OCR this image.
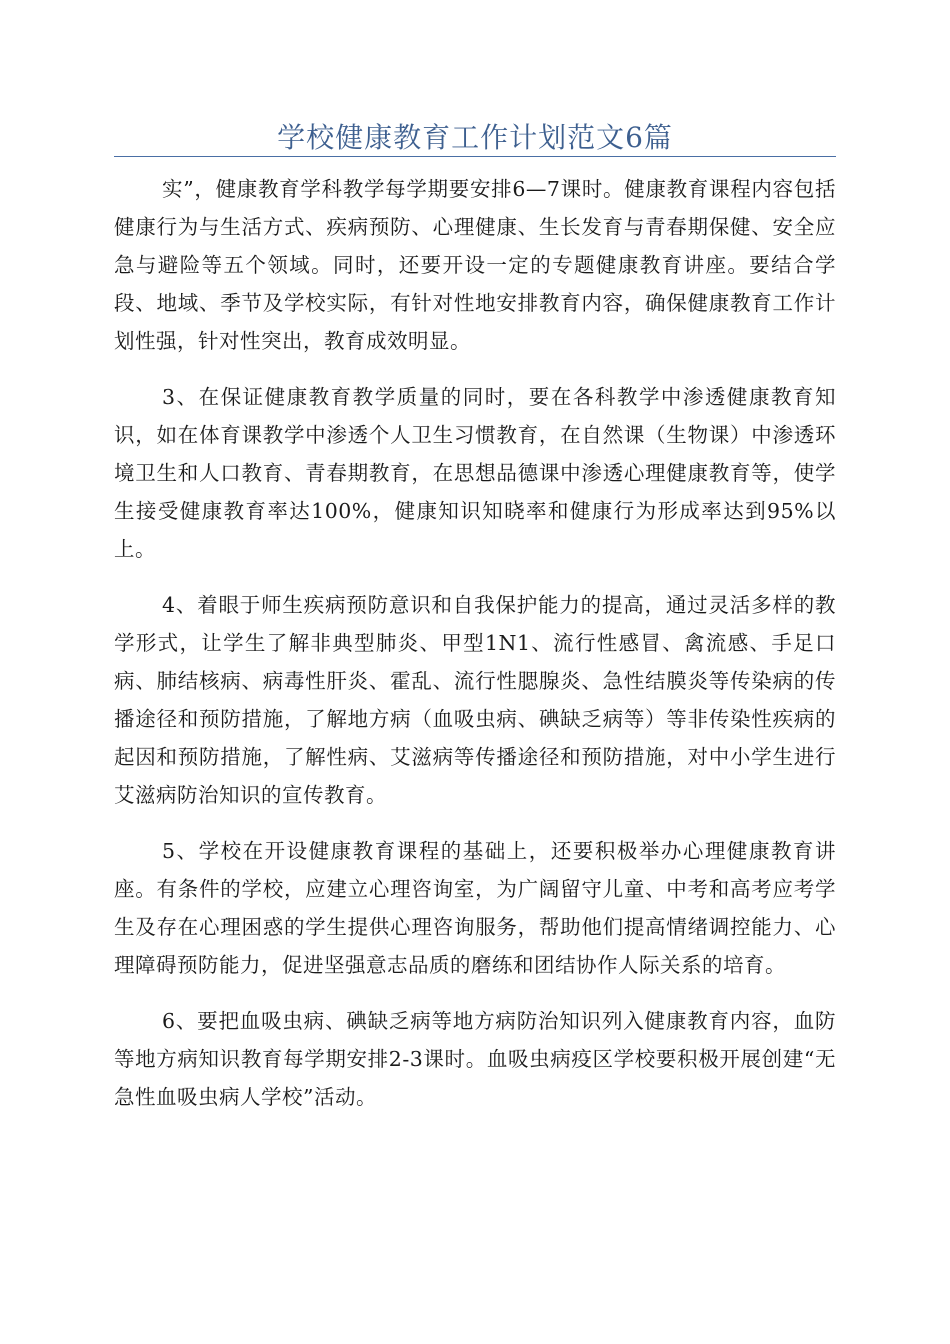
学校健康教育工作计划范文6篇

实”，健康教育学科教学每学期要安排6—7课时。健康教育课程内容包括健康行为与生活方式、疾病预防、心理健康、生长发育与青春期保健、安全应急与避险等五个领域。同时，还要开设一定的专题健康教育讲座。要结合学段、地域、季节及学校实际，有针对性地安排教育内容，确保健康教育工作计划性强，针对性突出，教育成效明显。

3、在保证健康教育教学质量的同时，要在各科教学中渗透健康教育知识，如在体育课教学中渗透个人卫生习惯教育，在自然课（生物课）中渗透环境卫生和人口教育、青春期教育，在思想品德课中渗透心理健康教育等，使学生接受健康教育率达100%，健康知识知晓率和健康行为形成率达到95%以上。

4、着眼于师生疾病预防意识和自我保护能力的提高，通过灵活多样的教学形式，让学生了解非典型肺炎、甲型1N1、流行性感冒、禽流感、手足口病、肺结核病、病毒性肝炎、霍乱、流行性腮腺炎、急性结膜炎等传染病的传播途径和预防措施，了解地方病（血吸虫病、碘缺乏病等）等非传染性疾病的起因和预防措施，了解性病、艾滋病等传播途径和预防措施，对中小学生进行艾滋病防治知识的宣传教育。

5、学校在开设健康教育课程的基础上，还要积极举办心理健康教育讲座。有条件的学校，应建立心理咨询室，为广阔留守儿童、中考和高考应考学生及存在心理困惑的学生提供心理咨询服务，帮助他们提高情绪调控能力、心理障碍预防能力，促进坚强意志品质的磨练和团结协作人际关系的培育。

6、要把血吸虫病、碘缺乏病等地方病防治知识列入健康教育内容，血防等地方病知识教育每学期安排2-3课时。血吸虫病疫区学校要积极开展创建“无急性血吸虫病人学校”活动。
